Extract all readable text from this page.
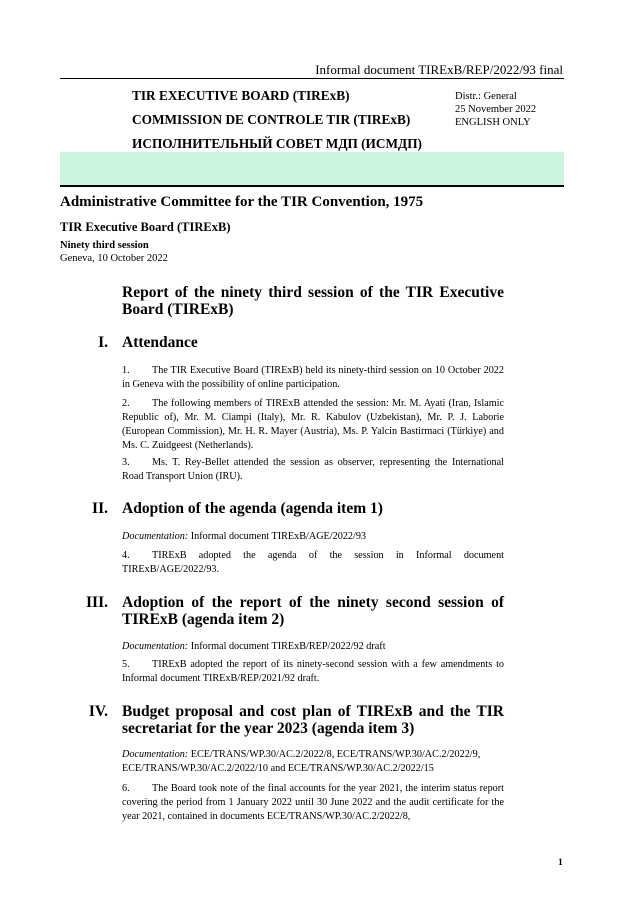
Informal document TIRExB/REP/2022/93 final
TIR EXECUTIVE BOARD (TIRExB)
COMMISSION DE CONTROLE TIR (TIRExB)
ИСПОЛНИТЕЛЬНЫЙ СОВЕТ МДП (ИСМДП)
Distr.: General
25 November 2022
ENGLISH ONLY
Administrative Committee for the TIR Convention, 1975
TIR Executive Board (TIRExB)
Ninety third session
Geneva, 10 October 2022
Report of the ninety third session of the TIR Executive Board (TIRExB)
I. Attendance
1. The TIR Executive Board (TIRExB) held its ninety-third session on 10 October 2022 in Geneva with the possibility of online participation.
2. The following members of TIRExB attended the session: Mr. M. Ayati (Iran, Islamic Republic of), Mr. M. Ciampi (Italy), Mr. R. Kabulov (Uzbekistan), Mr. P. J. Laborie (European Commission), Mr. H. R. Mayer (Austria), Ms. P. Yalcin Bastirmaci (Türkiye) and Ms. C. Zuidgeest (Netherlands).
3. Ms. T. Rey-Bellet attended the session as observer, representing the International Road Transport Union (IRU).
II. Adoption of the agenda (agenda item 1)
Documentation: Informal document TIRExB/AGE/2022/93
4. TIRExB adopted the agenda of the session in Informal document TIRExB/AGE/2022/93.
III. Adoption of the report of the ninety second session of TIRExB (agenda item 2)
Documentation: Informal document TIRExB/REP/2022/92 draft
5. TIRExB adopted the report of its ninety-second session with a few amendments to Informal document TIRExB/REP/2021/92 draft.
IV. Budget proposal and cost plan of TIRExB and the TIR secretariat for the year 2023 (agenda item 3)
Documentation: ECE/TRANS/WP.30/AC.2/2022/8, ECE/TRANS/WP.30/AC.2/2022/9, ECE/TRANS/WP.30/AC.2/2022/10 and ECE/TRANS/WP.30/AC.2/2022/15
6. The Board took note of the final accounts for the year 2021, the interim status report covering the period from 1 January 2022 until 30 June 2022 and the audit certificate for the year 2021, contained in documents ECE/TRANS/WP.30/AC.2/2022/8,
1
